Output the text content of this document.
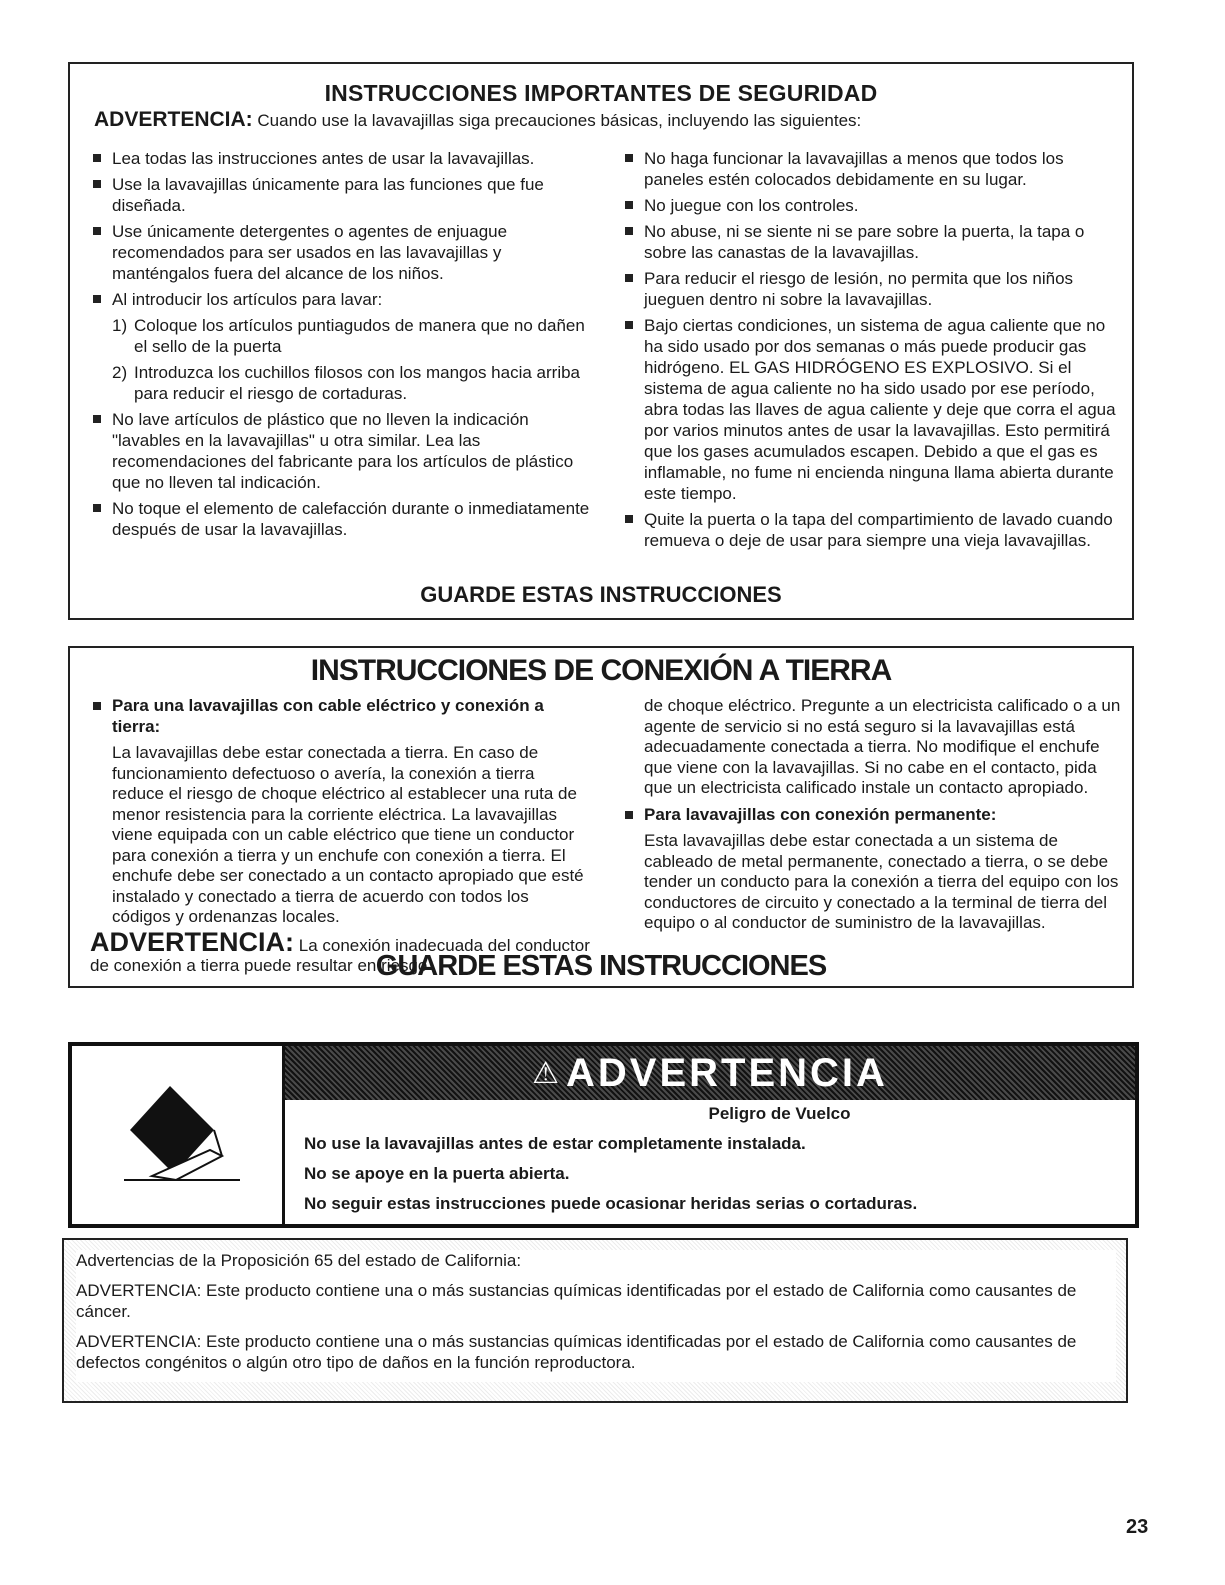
INSTRUCCIONES IMPORTANTES DE SEGURIDAD
ADVERTENCIA: Cuando use la lavavajillas siga precauciones básicas, incluyendo las siguientes:
Lea todas las instrucciones antes de usar la lavavajillas.
Use la lavavajillas únicamente para las funciones que fue diseñada.
Use únicamente detergentes o agentes de enjuague recomendados para ser usados en las lavavajillas y manténgalos fuera del alcance de los niños.
Al introducir los artículos para lavar:
1) Coloque los artículos puntiagudos de manera que no dañen el sello de la puerta
2) Introduzca los cuchillos filosos con los mangos hacia arriba para reducir el riesgo de cortaduras.
No lave artículos de plástico que no lleven la indicación "lavables en la lavavajillas" u otra similar. Lea las recomendaciones del fabricante para los artículos de plástico que no lleven tal indicación.
No toque el elemento de calefacción durante o inmediatamente después de usar la lavavajillas.
No haga funcionar la lavavajillas a menos que todos los paneles estén colocados debidamente en su lugar.
No juegue con los controles.
No abuse, ni se siente ni se pare sobre la puerta, la tapa o sobre las canastas de la lavavajillas.
Para reducir el riesgo de lesión, no permita que los niños jueguen dentro ni sobre la lavavajillas.
Bajo ciertas condiciones, un sistema de agua caliente que no ha sido usado por dos semanas o más puede producir gas hidrógeno. EL GAS HIDRÓGENO ES EXPLOSIVO. Si el sistema de agua caliente no ha sido usado por ese período, abra todas las llaves de agua caliente y deje que corra el agua por varios minutos antes de usar la lavavajillas. Esto permitirá que los gases acumulados escapen. Debido a que el gas es inflamable, no fume ni encienda ninguna llama abierta durante este tiempo.
Quite la puerta o la tapa del compartimiento de lavado cuando remueva o deje de usar para siempre una vieja lavavajillas.
GUARDE ESTAS INSTRUCCIONES
INSTRUCCIONES DE CONEXIÓN A TIERRA
Para una lavavajillas con cable eléctrico y conexión a tierra:
La lavavajillas debe estar conectada a tierra. En caso de funcionamiento defectuoso o avería, la conexión a tierra reduce el riesgo de choque eléctrico al establecer una ruta de menor resistencia para la corriente eléctrica. La lavavajillas viene equipada con un cable eléctrico que tiene un conductor para conexión a tierra y un enchufe con conexión a tierra. El enchufe debe ser conectado a un contacto apropiado que esté instalado y conectado a tierra de acuerdo con todos los códigos y ordenanzas locales.
ADVERTENCIA: La conexión inadecuada del conductor de conexión a tierra puede resultar en riesgo
de choque eléctrico. Pregunte a un electricista calificado o a un agente de servicio si no está seguro si la lavavajillas está adecuadamente conectada a tierra. No modifique el enchufe que viene con la lavavajillas. Si no cabe en el contacto, pida que un electricista calificado instale un contacto apropiado.
Para lavavajillas con conexión permanente:
Esta lavavajillas debe estar conectada a un sistema de cableado de metal permanente, conectado a tierra, o se debe tender un conducto para la conexión a tierra del equipo con los conductores de circuito y conectado a la terminal de tierra del equipo o al conductor de suministro de la lavavajillas.
GUARDE ESTAS INSTRUCCIONES
⚠ ADVERTENCIA
Peligro de Vuelco
No use la lavavajillas antes de estar completamente instalada.
No se apoye en la puerta abierta.
No seguir estas instrucciones puede ocasionar heridas serias o cortaduras.
Advertencias de la Proposición 65 del estado de California:
ADVERTENCIA: Este producto contiene una o más sustancias químicas identificadas por el estado de California como causantes de cáncer.
ADVERTENCIA: Este producto contiene una o más sustancias químicas identificadas por el estado de California como causantes de defectos congénitos o algún otro tipo de daños en la función reproductora.
23
